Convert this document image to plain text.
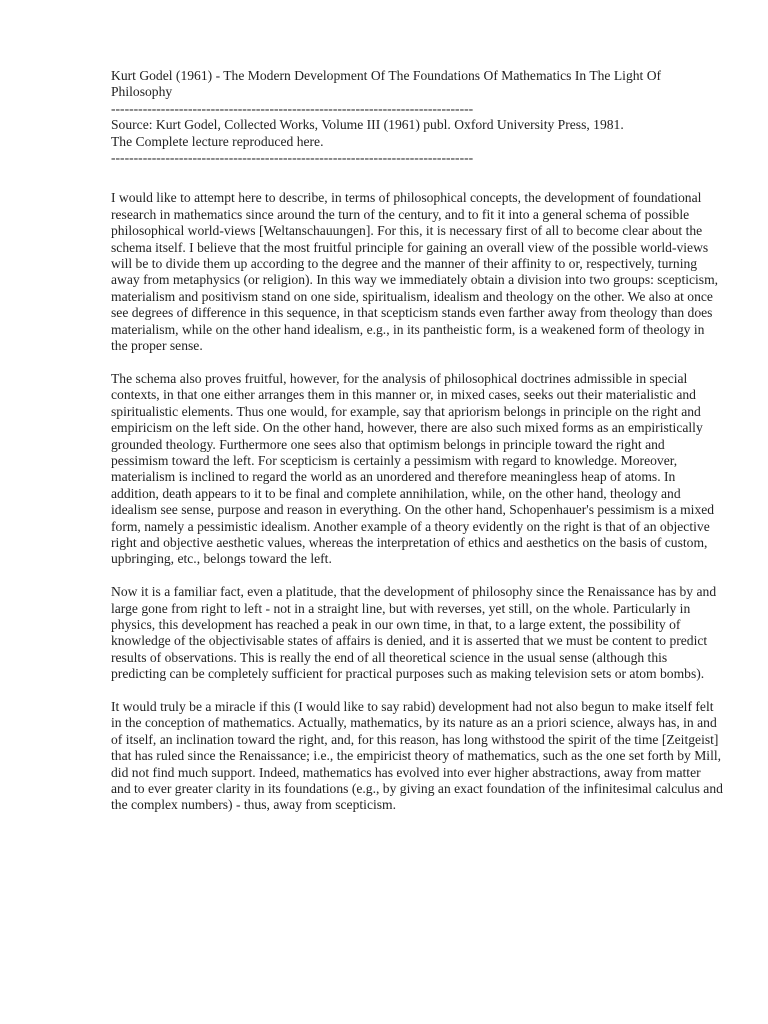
Kurt Godel (1961) - The Modern Development Of The Foundations Of Mathematics In The Light Of Philosophy
--------------------------------------------------------------------------------

Source: Kurt Godel, Collected Works, Volume III (1961) publ. Oxford University Press, 1981.

The Complete lecture reproduced here.

--------------------------------------------------------------------------------

I would like to attempt here to describe, in terms of philosophical concepts, the development of foundational research in mathematics since around the turn of the century, and to fit it into a general schema of possible philosophical world-views [Weltanschauungen]. For this, it is necessary first of all to become clear about the schema itself. I believe that the most fruitful principle for gaining an overall view of the possible world-views will be to divide them up according to the degree and the manner of their affinity to or, respectively, turning away from metaphysics (or religion). In this way we immediately obtain a division into two groups: scepticism, materialism and positivism stand on one side, spiritualism, idealism and theology on the other. We also at once see degrees of difference in this sequence, in that scepticism stands even farther away from theology than does materialism, while on the other hand idealism, e.g., in its pantheistic form, is a weakened form of theology in the proper sense.

The schema also proves fruitful, however, for the analysis of philosophical doctrines admissible in special contexts, in that one either arranges them in this manner or, in mixed cases, seeks out their materialistic and spiritualistic elements. Thus one would, for example, say that apriorism belongs in principle on the right and empiricism on the left side. On the other hand, however, there are also such mixed forms as an empiristically grounded theology. Furthermore one sees also that optimism belongs in principle toward the right and pessimism toward the left. For scepticism is certainly a pessimism with regard to knowledge. Moreover, materialism is inclined to regard the world as an unordered and therefore meaningless heap of atoms. In addition, death appears to it to be final and complete annihilation, while, on the other hand, theology and idealism see sense, purpose and reason in everything. On the other hand, Schopenhauer's pessimism is a mixed form, namely a pessimistic idealism. Another example of a theory evidently on the right is that of an objective right and objective aesthetic values, whereas the interpretation of ethics and aesthetics on the basis of custom, upbringing, etc., belongs toward the left.

Now it is a familiar fact, even a platitude, that the development of philosophy since the Renaissance has by and large gone from right to left - not in a straight line, but with reverses, yet still, on the whole. Particularly in physics, this development has reached a peak in our own time, in that, to a large extent, the possibility of knowledge of the objectivisable states of affairs is denied, and it is asserted that we must be content to predict results of observations. This is really the end of all theoretical science in the usual sense (although this predicting can be completely sufficient for practical purposes such as making television sets or atom bombs).

It would truly be a miracle if this (I would like to say rabid) development had not also begun to make itself felt in the conception of mathematics. Actually, mathematics, by its nature as an a priori science, always has, in and of itself, an inclination toward the right, and, for this reason, has long withstood the spirit of the time [Zeitgeist] that has ruled since the Renaissance; i.e., the empiricist theory of mathematics, such as the one set forth by Mill, did not find much support. Indeed, mathematics has evolved into ever higher abstractions, away from matter and to ever greater clarity in its foundations (e.g., by giving an exact foundation of the infinitesimal calculus and the complex numbers) - thus, away from scepticism.
